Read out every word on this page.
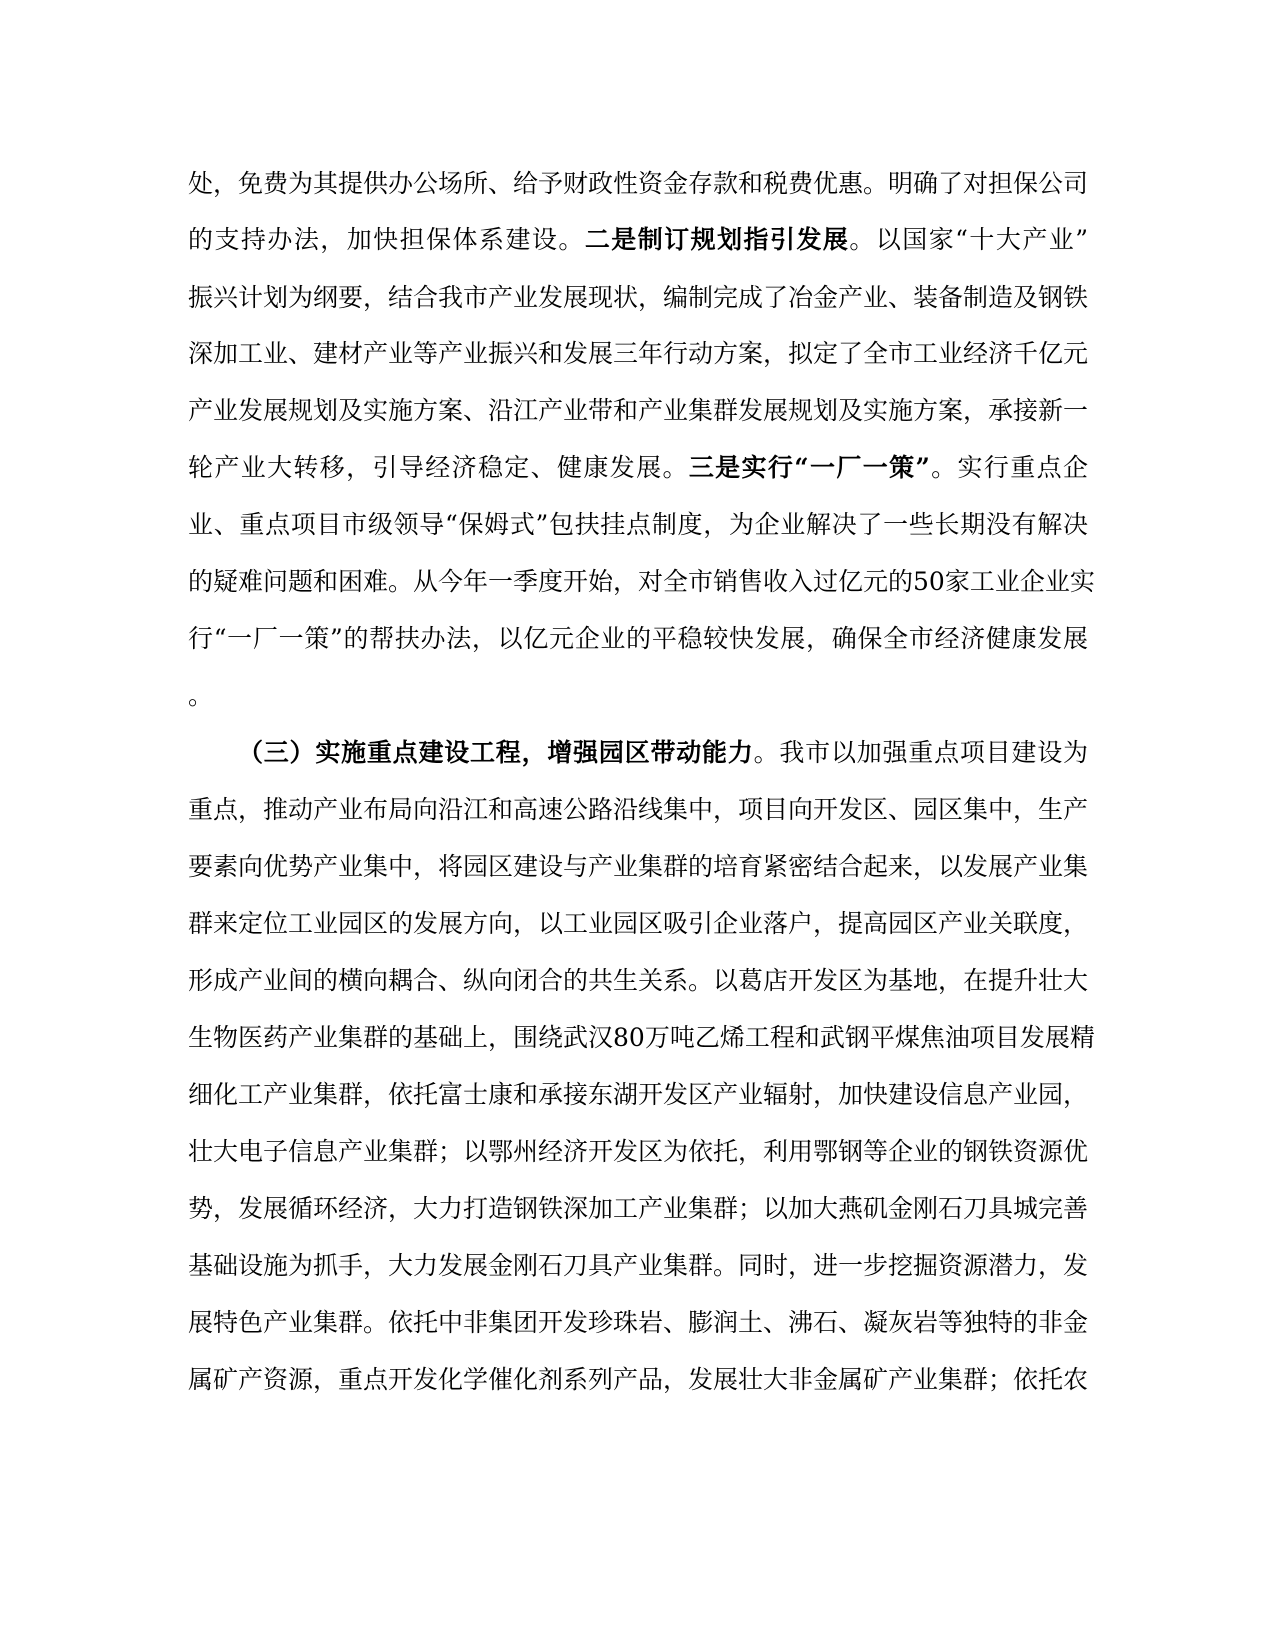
处，免费为其提供办公场所、给予财政性资金存款和税费优惠。明确了对担保公司
的支持办法，加快担保体系建设。二是制订规划指引发展。以国家“十大产业”
振兴计划为纲要，结合我市产业发展现状，编制完成了冶金产业、装备制造及钢铁
深加工业、建材产业等产业振兴和发展三年行动方案，拟定了全市工业经济千亿元
产业发展规划及实施方案、沿江产业带和产业集群发展规划及实施方案，承接新一
轮产业大转移，引导经济稳定、健康发展。三是实行“一厂一策”。实行重点企
业、重点项目市级领导“保姆式”包扶挂点制度，为企业解决了一些长期没有解决
的疑难问题和困难。从今年一季度开始，对全市销售收入过亿元的50家工业企业实
行“一厂一策”的帮扶办法，以亿元企业的平稳较快发展，确保全市经济健康发展
。
（三）实施重点建设工程，增强园区带动能力。我市以加强重点项目建设为
重点，推动产业布局向沿江和高速公路沿线集中，项目向开发区、园区集中，生产
要素向优势产业集中，将园区建设与产业集群的培育紧密结合起来，以发展产业集
群来定位工业园区的发展方向，以工业园区吸引企业落户，提高园区产业关联度，
形成产业间的横向耦合、纵向闭合的共生关系。以葛店开发区为基地，在提升壮大
生物医药产业集群的基础上，围绕武汉80万吨乙烯工程和武钢平煤焦油项目发展精
细化工产业集群，依托富士康和承接东湖开发区产业辐射，加快建设信息产业园，
壮大电子信息产业集群；以鄂州经济开发区为依托，利用鄂钢等企业的钢铁资源优
势，发展循环经济，大力打造钢铁深加工产业集群；以加大燕矶金刚石刀具城完善
基础设施为抓手，大力发展金刚石刀具产业集群。同时，进一步挖掘资源潜力，发
展特色产业集群。依托中非集团开发珍珠岩、膨润土、沸石、凝灰岩等独特的非金
属矿产资源，重点开发化学催化剂系列产品，发展壮大非金属矿产业集群；依托农
